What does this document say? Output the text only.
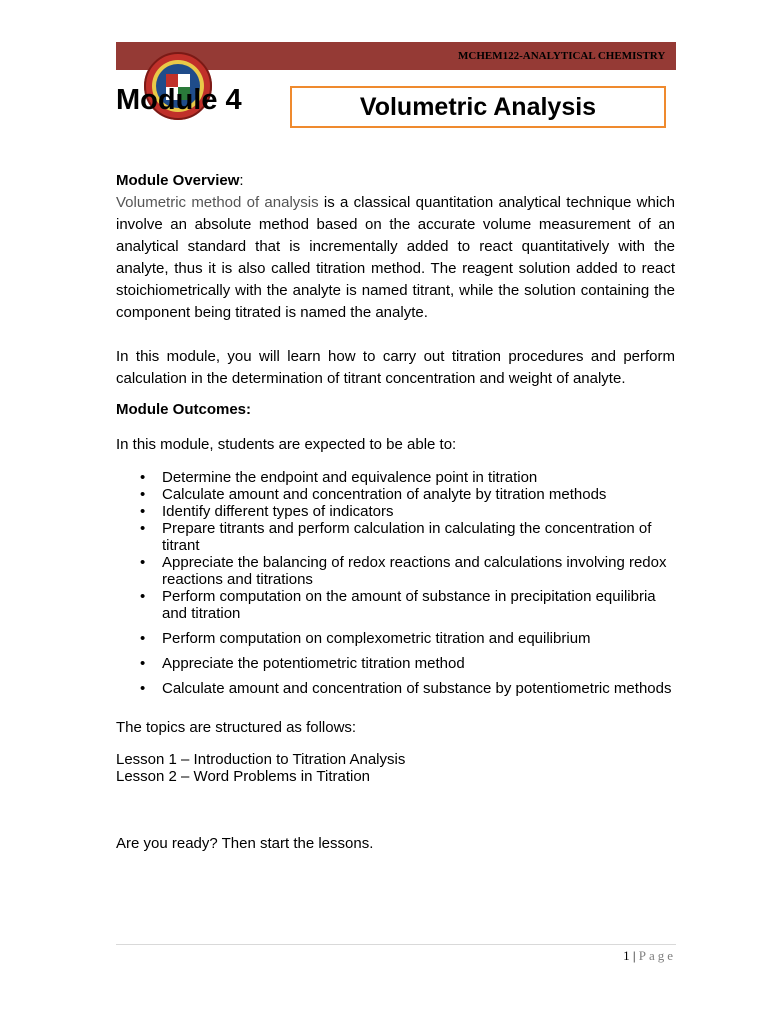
MCHEM122-ANALYTICAL CHEMISTRY
Module 4	Volumetric Analysis

Module Overview:

Volumetric method of analysis is a classical quantitation analytical technique which involve an absolute method based on the accurate volume measurement of an analytical standard that is incrementally added to react quantitatively with the analyte, thus it is also called titration method. The reagent solution added to react stoichiometrically with the analyte is named titrant, while the solution containing the component being titrated is named the analyte.

In this module, you will learn how to carry out titration procedures and perform calculation in the determination of titrant concentration and weight of analyte.

Module Outcomes:

In this module, students are expected to be able to:

• Determine the endpoint and equivalence point in titration
• Calculate amount and concentration of analyte by titration methods
• Identify different types of indicators
• Prepare titrants and perform calculation in calculating the concentration of titrant
• Appreciate the balancing of redox reactions and calculations involving redox reactions and titrations
• Perform computation on the amount of substance in precipitation equilibria and titration
• Perform computation on complexometric titration and equilibrium
• Appreciate the potentiometric titration method
• Calculate amount and concentration of substance by potentiometric methods

The topics are structured as follows:

Lesson 1 – Introduction to Titration Analysis

Lesson 2 – Word Problems in Titration

Are you ready? Then start the lessons.

1 | Page
